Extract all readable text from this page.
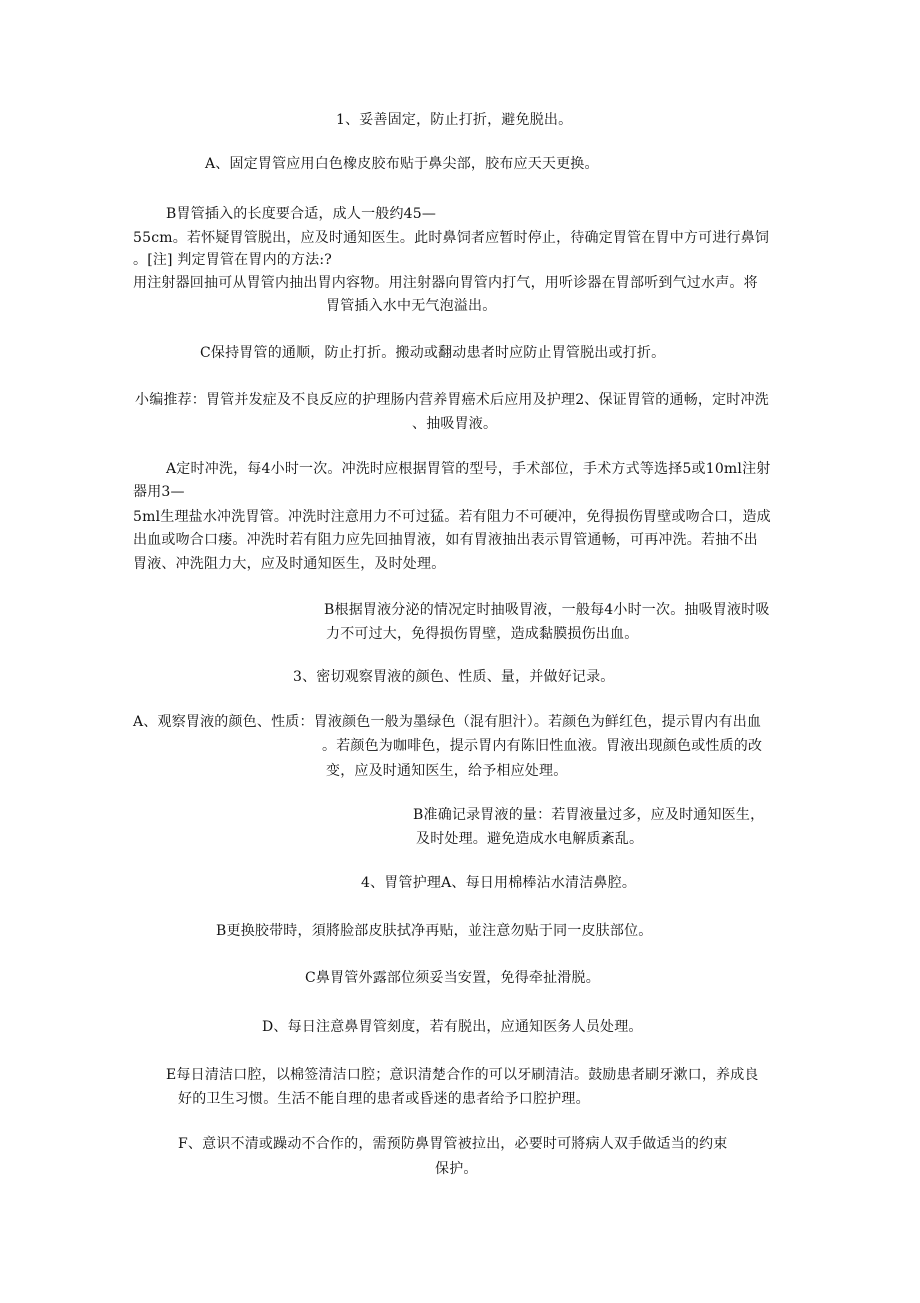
1、妥善固定，防止打折，避免脱出。
A、固定胃管应用白色橡皮胶布贴于鼻尖部，胶布应天天更换。
B胃管插入的长度要合适，成人一般约45—
55cm。若怀疑胃管脱出，应及时通知医生。此时鼻饲者应暂时停止，待确定胃管在胃中方可进行鼻饲
。[注] 判定胃管在胃内的方法:?
用注射器回抽可从胃管内抽出胃内容物。用注射器向胃管内打气，用听诊器在胃部听到气过水声。将
胃管插入水中无气泡溢出。
C保持胃管的通顺，防止打折。搬动或翻动患者时应防止胃管脱出或打折。
小编推荐：胃管并发症及不良反应的护理肠内营养胃癌术后应用及护理2、保证胃管的通畅，定时冲洗
、抽吸胃液。
A定时冲洗，每4小时一次。冲洗时应根据胃管的型号，手术部位，手术方式等选择5或10ml注射
器用3—
5ml生理盐水冲洗胃管。冲洗时注意用力不可过猛。若有阻力不可硬冲，免得损伤胃壁或吻合口，造成
出血或吻合口瘘。冲洗时若有阻力应先回抽胃液，如有胃液抽出表示胃管通畅，可再冲洗。若抽不出
胃液、冲洗阻力大，应及时通知医生，及时处理。
B根据胃液分泌的情况定时抽吸胃液，一般每4小时一次。抽吸胃液时吸
力不可过大，免得损伤胃壁，造成黏膜损伤出血。
3、密切观察胃液的颜色、性质、量，并做好记录。
A、观察胃液的颜色、性质：胃液颜色一般为墨绿色（混有胆汁）。若颜色为鲜红色，提示胃内有出血
。若颜色为咖啡色，提示胃内有陈旧性血液。胃液出现颜色或性质的改
变，应及时通知医生，给予相应处理。
B准确记录胃液的量：若胃液量过多，应及时通知医生，
及时处理。避免造成水电解质紊乱。
4、胃管护理A、每日用棉棒沾水清洁鼻腔。
B更换胶带時，須將脸部皮肤拭净再贴，並注意勿贴于同一皮肤部位。
C鼻胃管外露部位须妥当安置，免得牵扯滑脱。
D、每日注意鼻胃管刻度，若有脱出，应通知医务人员处理。
E每日清洁口腔，以棉签清洁口腔；意识清楚合作的可以牙刷清洁。鼓励患者刷牙漱口，养成良
好的卫生习惯。生活不能自理的患者或昏迷的患者给予口腔护理。
F、意识不清或躁动不合作的，需预防鼻胃管被拉出，必要时可將病人双手做适当的约束
保护。
